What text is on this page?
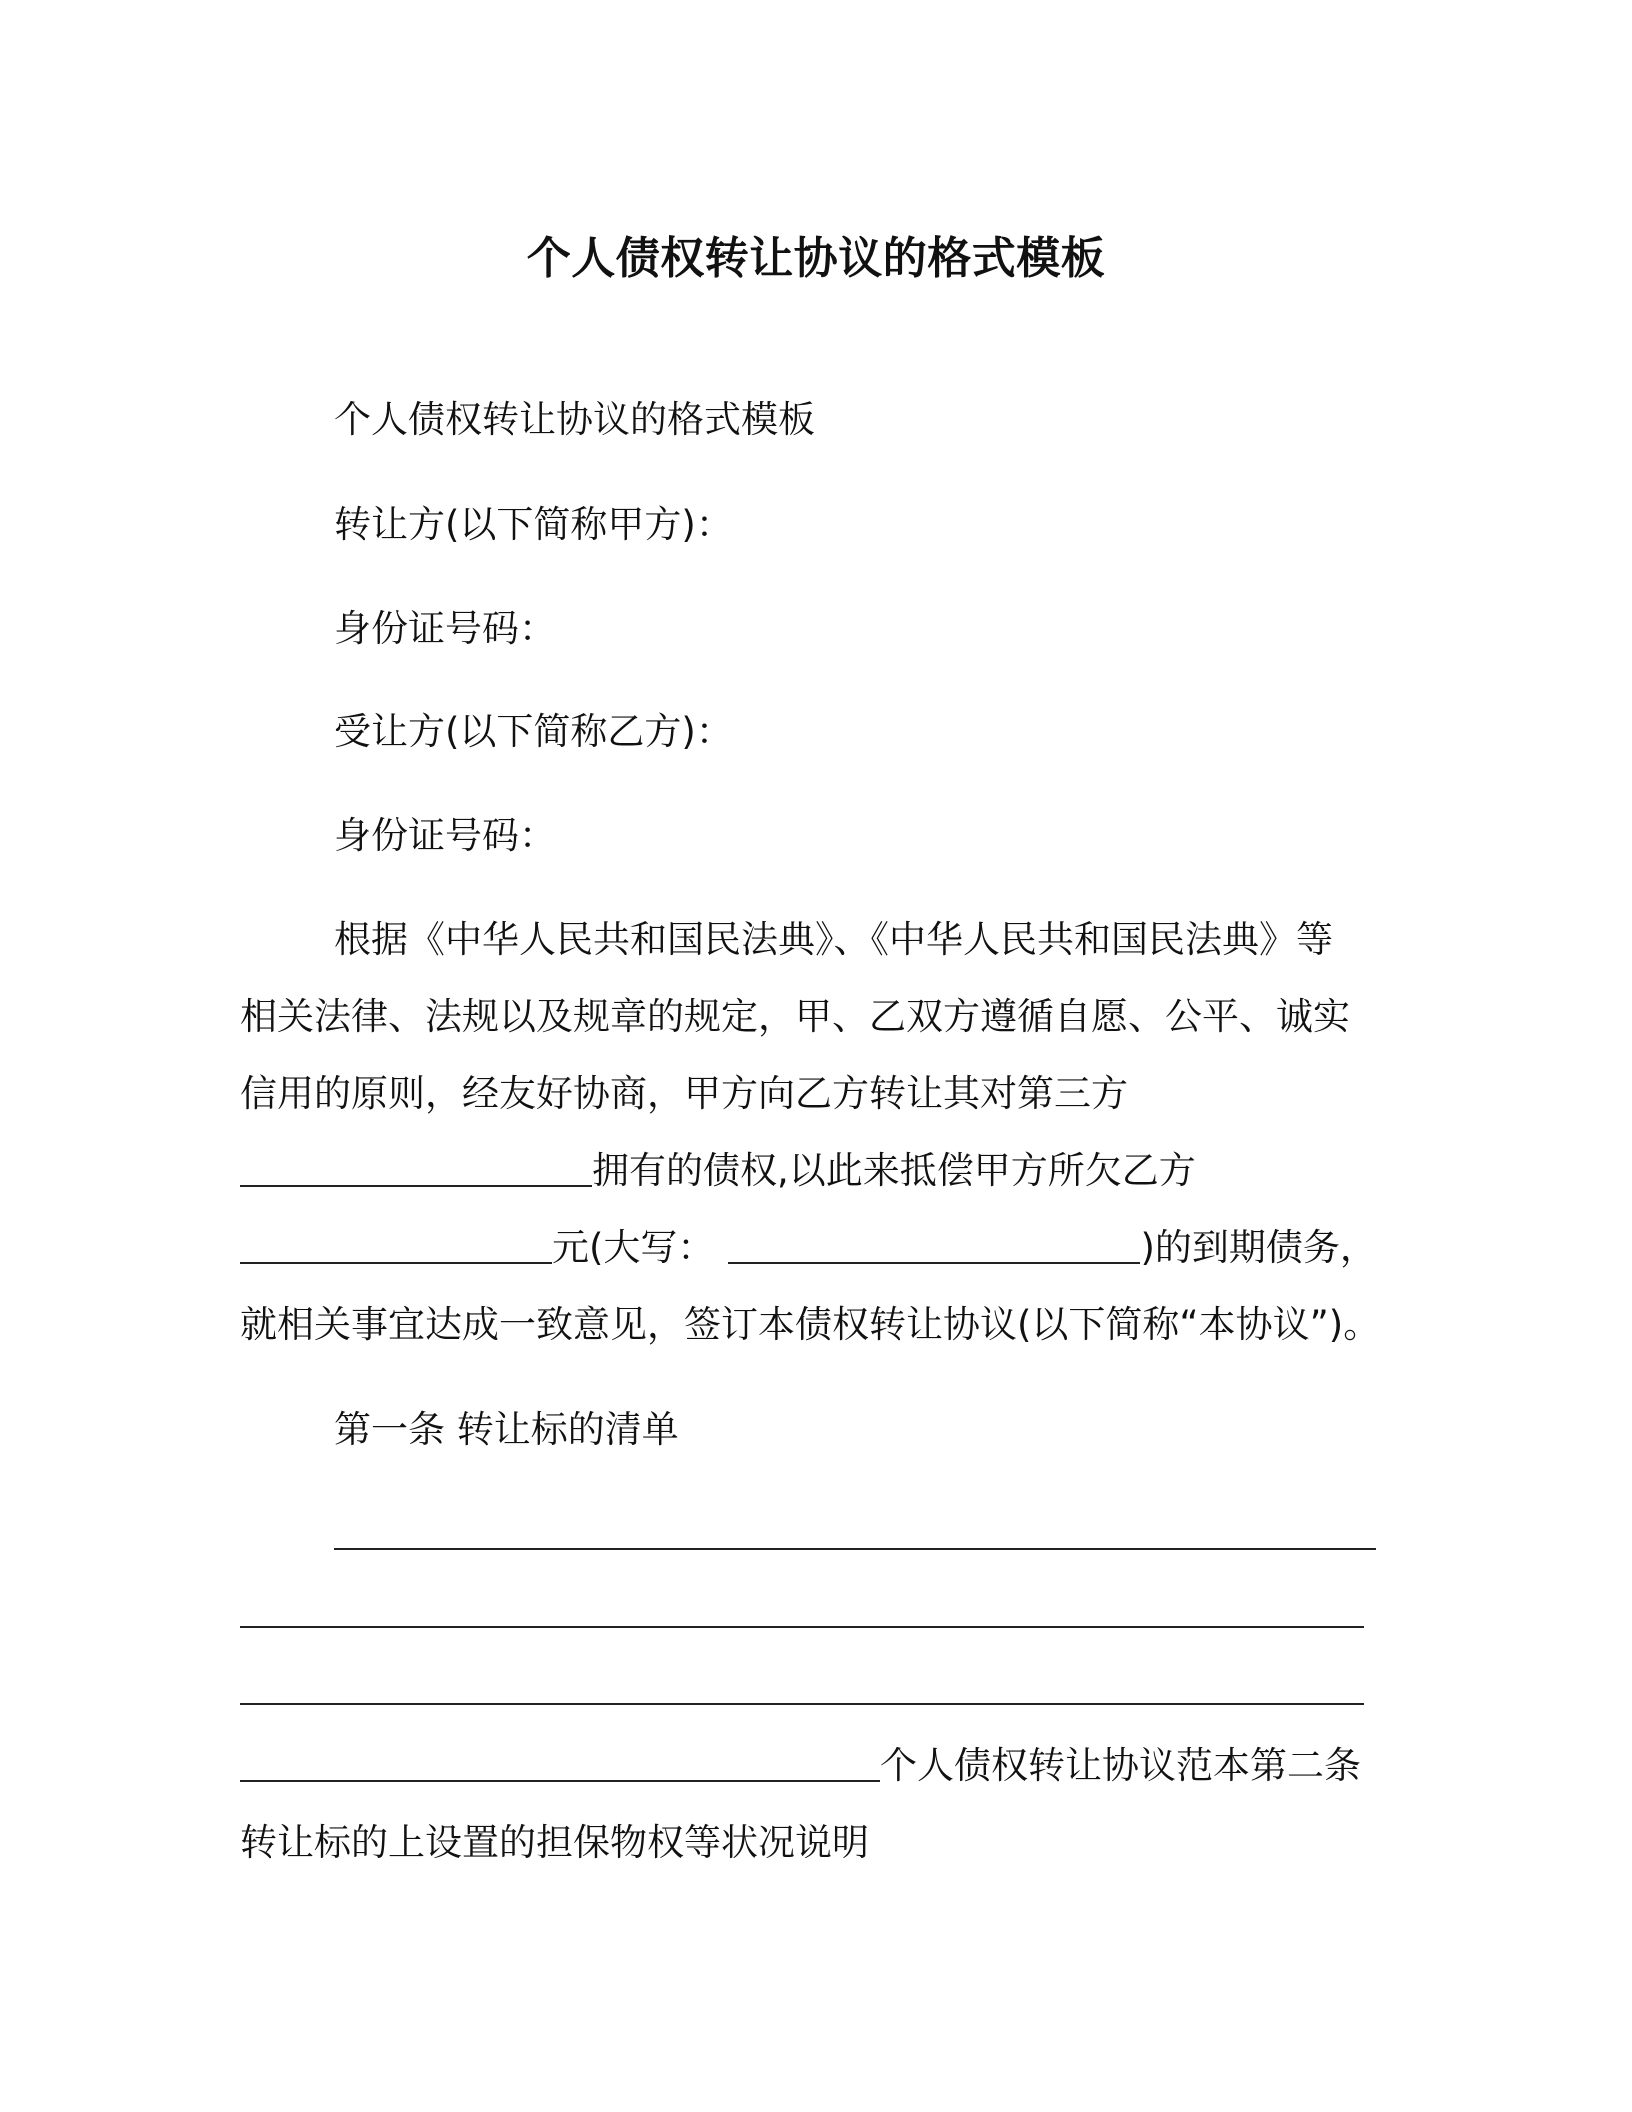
个人债权转让协议的格式模板
个人债权转让协议的格式模板
转让方(以下简称甲方)：
身份证号码：
受让方(以下简称乙方)：
身份证号码：
根据《中华人民共和国民法典》、《中华人民共和国民法典》等
相关法律、法规以及规章的规定，甲、乙双方遵循自愿、公平、诚实
信用的原则，经友好协商，甲方向乙方转让其对第三方
拥有的债权,以此来抵偿甲方所欠乙方
元(大写：	)的到期债务，
就相关事宜达成一致意见，签订本债权转让协议(以下简称“本协议”)。
第一条 转让标的清单
个人债权转让协议范本第二条
转让标的上设置的担保物权等状况说明
